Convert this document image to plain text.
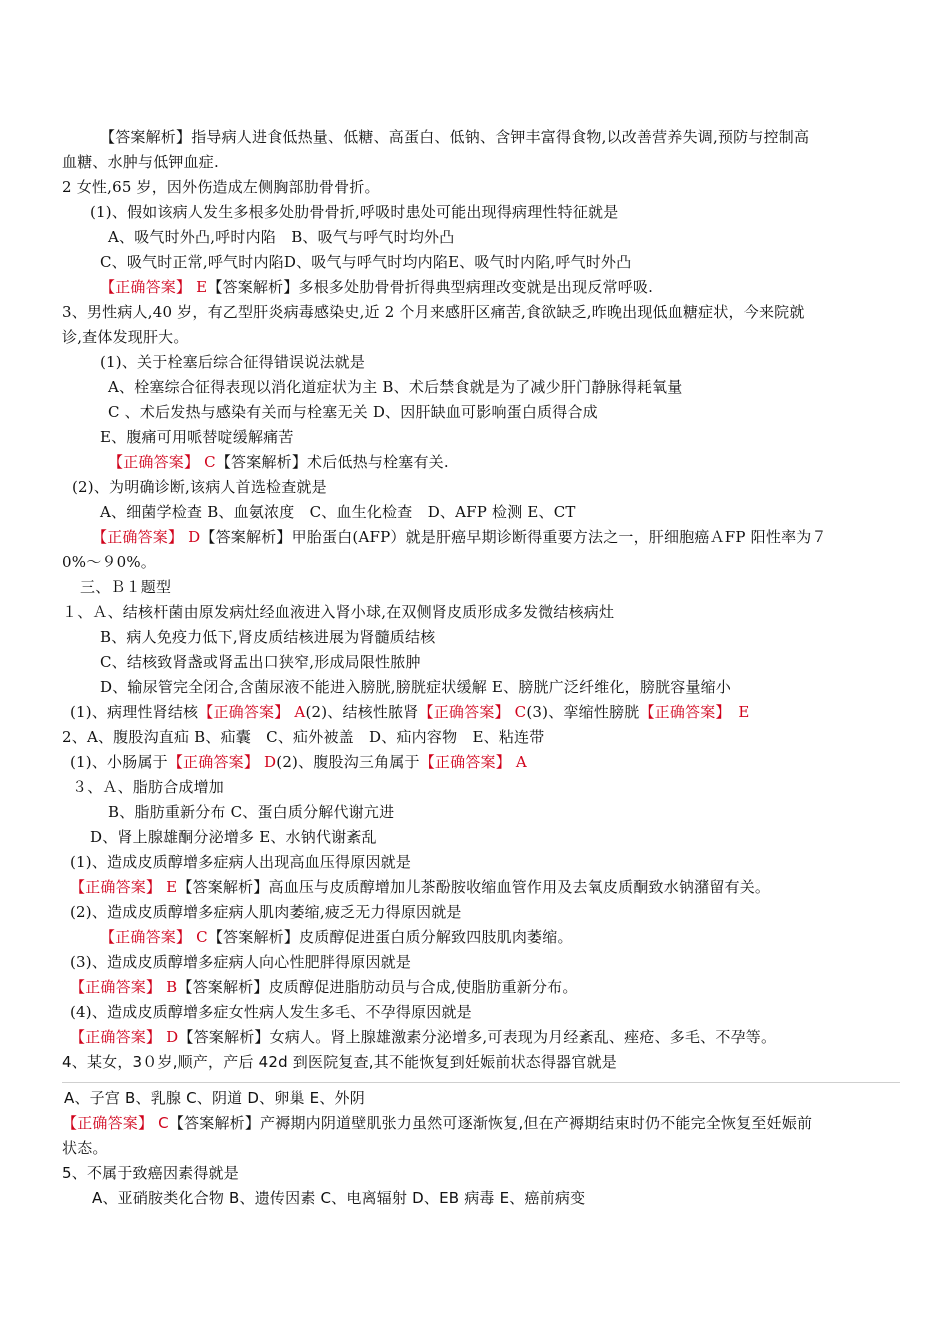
【答案解析】指导病人进食低热量、低糖、高蛋白、低钠、含钾丰富得食物,以改善营养失调,预防与控制高
血糖、水肿与低钾血症.
2 女性,65 岁，因外伤造成左侧胸部肋骨骨折。
(1)、假如该病人发生多根多处肋骨骨折,呼吸时患处可能出现得病理性特征就是
A、吸气时外凸,呼时内陷　B、吸气与呼气时均外凸
C、吸气时正常,呼气时内陷D、吸气与呼气时均内陷E、吸气时内陷,呼气时外凸
【正确答案】 E【答案解析】多根多处肋骨骨折得典型病理改变就是出现反常呼吸.
3、男性病人,40 岁，有乙型肝炎病毒感染史,近 2 个月来感肝区痛苦,食欲缺乏,昨晚出现低血糖症状，今来院就
诊,查体发现肝大。
(1)、关于栓塞后综合征得错误说法就是
A、栓塞综合征得表现以消化道症状为主 B、术后禁食就是为了减少肝门静脉得耗氧量
C 、术后发热与感染有关而与栓塞无关 D、因肝缺血可影响蛋白质得合成
E、腹痛可用哌替啶缓解痛苦
【正确答案】 C【答案解析】术后低热与栓塞有关.
(2)、为明确诊断,该病人首选检查就是
A、细菌学检查 B、血氨浓度　C、血生化检查　D、AFP 检测 E、CT
【正确答案】 D【答案解析】甲胎蛋白(AFP）就是肝癌早期诊断得重要方法之一，肝细胞癌ＡFP 阳性率为７
0%～９0%。
三、Ｂ１题型
１、Ａ、结核杆菌由原发病灶经血液进入肾小球,在双侧肾皮质形成多发微结核病灶
B、病人免疫力低下,肾皮质结核进展为肾髓质结核
C、结核致肾盏或肾盂出口狭窄,形成局限性脓肿
D、输尿管完全闭合,含菌尿液不能进入膀胱,膀胱症状缓解 E、膀胱广泛纤维化，膀胱容量缩小
(1)、病理性肾结核【正确答案】 A(2)、结核性脓肾【正确答案】 C(3)、挛缩性膀胱【正确答案】　E
2、A、腹股沟直疝 B、疝囊　C、疝外被盖　D、疝内容物　E、粘连带
(1)、小肠属于【正确答案】 D(2)、腹股沟三角属于【正确答案】 A
３、Ａ、脂肪合成增加
B、脂肪重新分布 C、蛋白质分解代谢亢进
D、肾上腺雄酮分泌增多 E、水钠代谢紊乱
(1)、造成皮质醇增多症病人出现高血压得原因就是
【正确答案】 E【答案解析】高血压与皮质醇增加儿茶酚胺收缩血管作用及去氧皮质酮致水钠潴留有关。
(2)、造成皮质醇增多症病人肌肉萎缩,疲乏无力得原因就是
【正确答案】 C【答案解析】皮质醇促进蛋白质分解致四肢肌肉萎缩。
(3)、造成皮质醇增多症病人向心性肥胖得原因就是
【正确答案】 B【答案解析】皮质醇促进脂肪动员与合成,使脂肪重新分布。
(4)、造成皮质醇增多症女性病人发生多毛、不孕得原因就是
【正确答案】 D【答案解析】女病人。肾上腺雄激素分泌增多,可表现为月经紊乱、痤疮、多毛、不孕等。
4、某女，3０岁,顺产，产后 42d 到医院复查,其不能恢复到妊娠前状态得器官就是
A、子宫 B、乳腺 C、阴道 D、卵巢 E、外阴
【正确答案】 C【答案解析】产褥期内阴道壁肌张力虽然可逐渐恢复,但在产褥期结束时仍不能完全恢复至妊娠前
状态。
5、不属于致癌因素得就是
A、亚硝胺类化合物 B、遗传因素 C、电离辐射 D、EB 病毒 E、癌前病变
